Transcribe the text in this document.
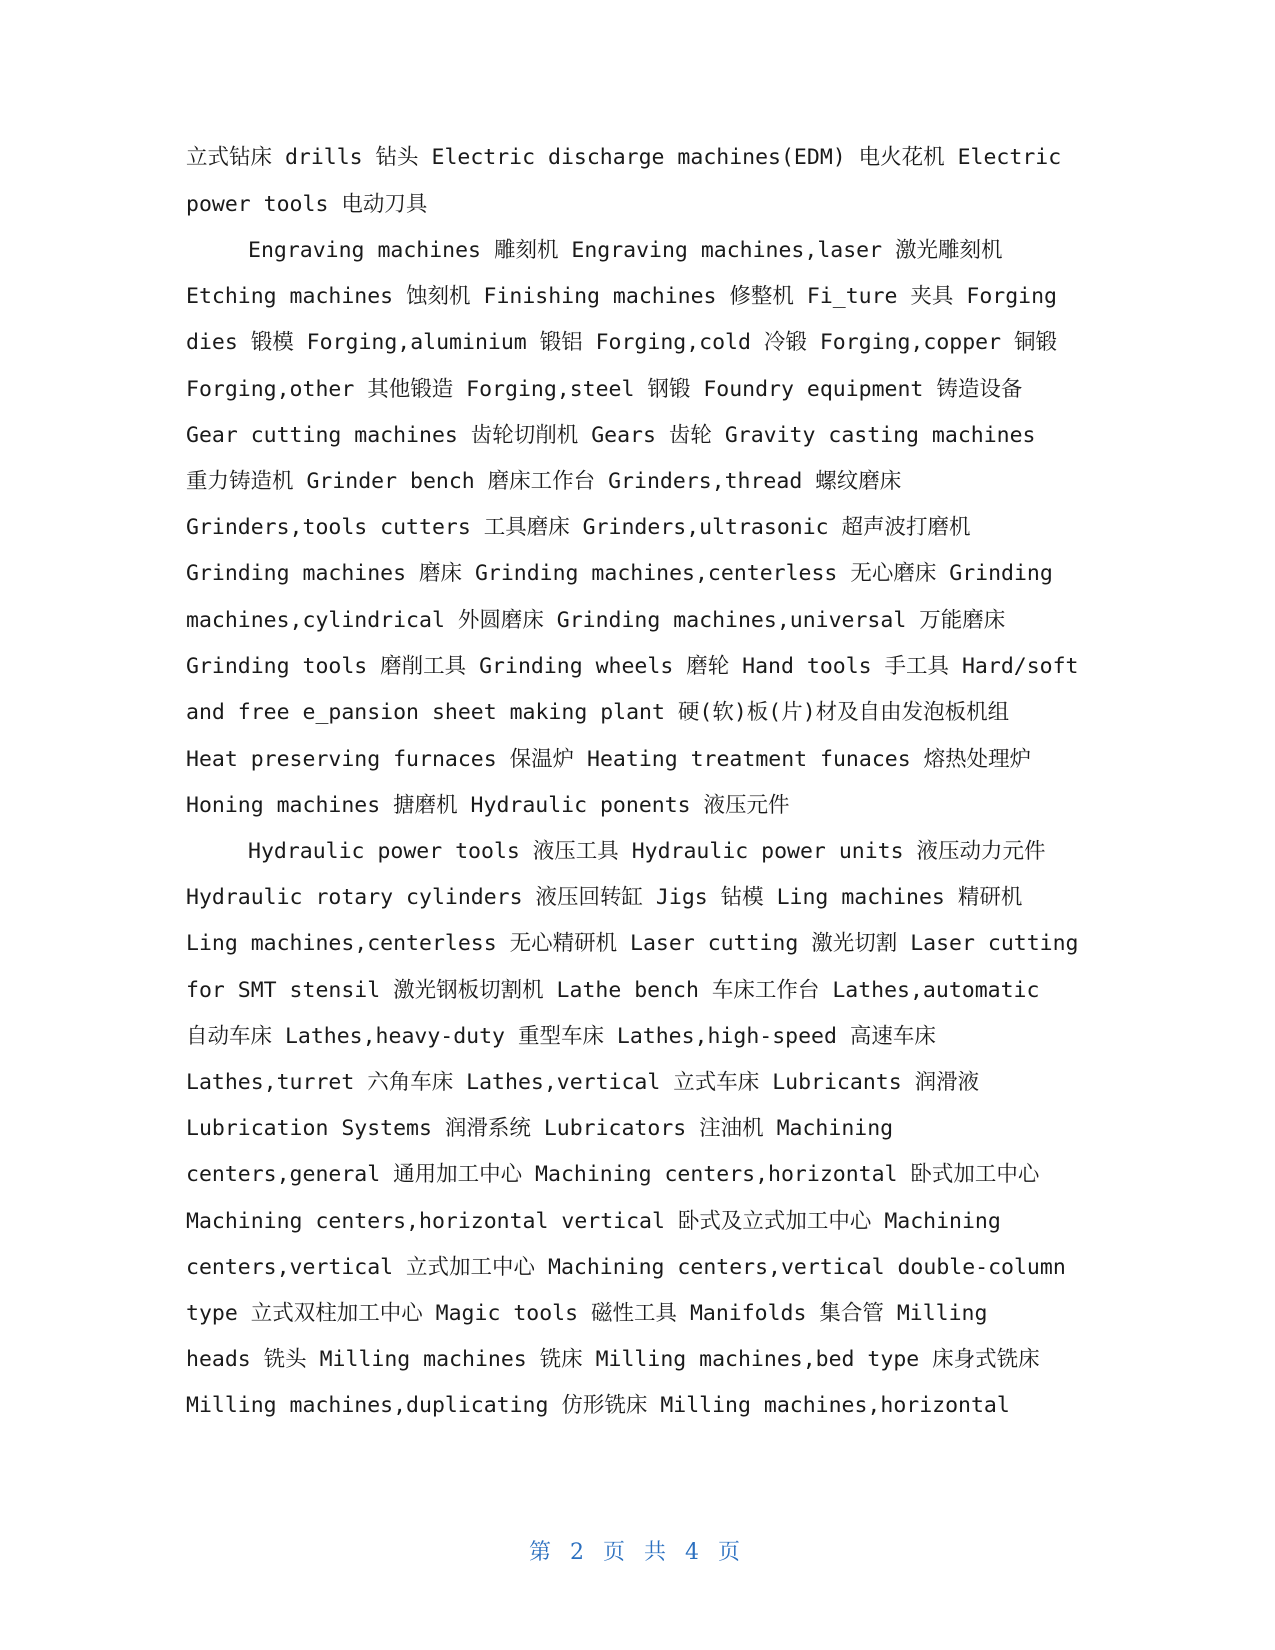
立式钻床 drills 钻头 Electric discharge machines(EDM) 电火花机 Electric
power tools 电动刀具
Engraving machines 雕刻机 Engraving machines,laser 激光雕刻机
Etching machines 蚀刻机 Finishing machines 修整机 Fi_ture 夹具 Forging
dies 锻模 Forging,aluminium 锻铝 Forging,cold 冷锻 Forging,copper 铜锻
Forging,other 其他锻造 Forging,steel 钢锻 Foundry equipment 铸造设备
Gear cutting machines 齿轮切削机 Gears 齿轮 Gravity casting machines
重力铸造机 Grinder bench 磨床工作台 Grinders,thread 螺纹磨床
Grinders,tools cutters 工具磨床 Grinders,ultrasonic 超声波打磨机
Grinding machines 磨床 Grinding machines,centerless 无心磨床 Grinding
machines,cylindrical 外圆磨床 Grinding machines,universal 万能磨床
Grinding tools 磨削工具 Grinding wheels 磨轮 Hand tools 手工具 Hard/soft
and free e_pansion sheet making plant 硬(软)板(片)材及自由发泡板机组
Heat preserving furnaces 保温炉 Heating treatment funaces 熔热处理炉
Honing machines 搪磨机 Hydraulic ponents 液压元件
Hydraulic power tools 液压工具 Hydraulic power units 液压动力元件
Hydraulic rotary cylinders 液压回转缸 Jigs 钻模 Ling machines 精研机
Ling machines,centerless 无心精研机 Laser cutting 激光切割 Laser cutting
for SMT stensil 激光钢板切割机 Lathe bench 车床工作台 Lathes,automatic
自动车床 Lathes,heavy-duty 重型车床 Lathes,high-speed 高速车床
Lathes,turret 六角车床 Lathes,vertical 立式车床 Lubricants 润滑液
Lubrication Systems 润滑系统 Lubricators 注油机 Machining
centers,general 通用加工中心 Machining centers,horizontal 卧式加工中心
Machining centers,horizontal vertical 卧式及立式加工中心 Machining
centers,vertical 立式加工中心 Machining centers,vertical double-column
type 立式双柱加工中心 Magic tools 磁性工具 Manifolds 集合管 Milling
heads 铣头 Milling machines 铣床 Milling machines,bed type 床身式铣床
Milling machines,duplicating 仿形铣床 Milling machines,horizontal
第 2 页 共 4 页
